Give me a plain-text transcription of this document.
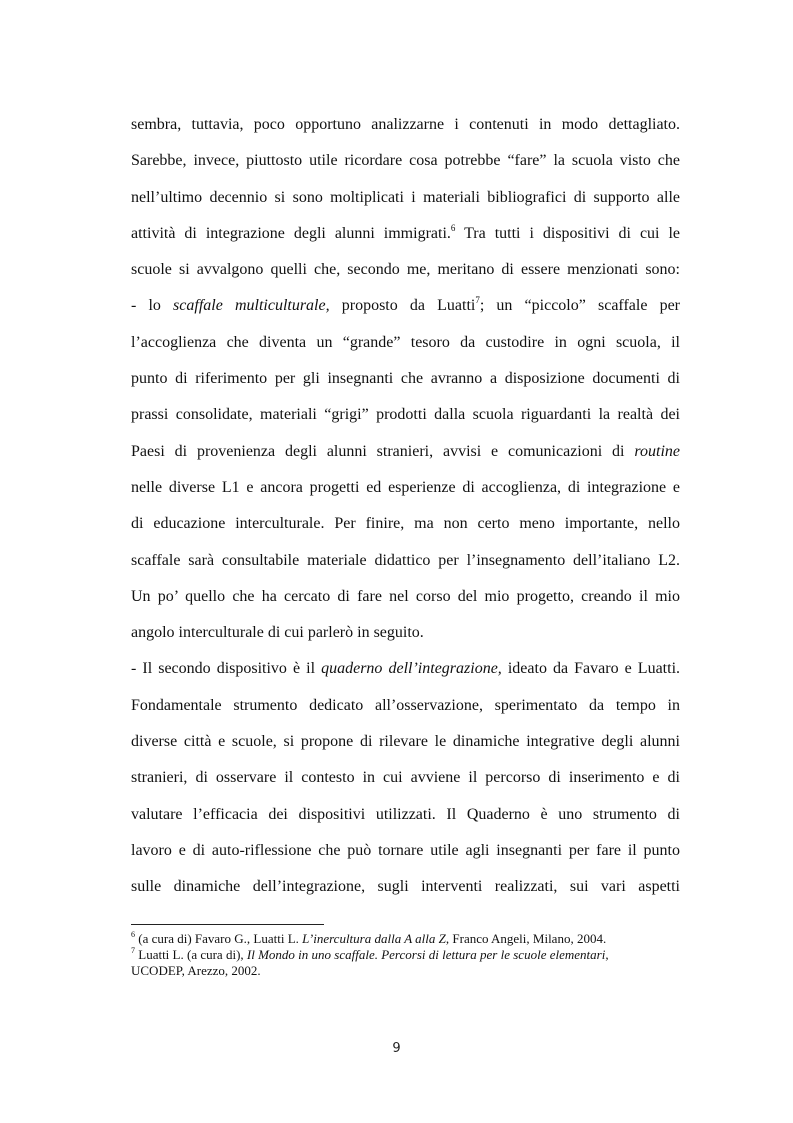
sembra, tuttavia, poco opportuno analizzarne i contenuti in modo dettagliato.
Sarebbe, invece, piuttosto utile ricordare cosa potrebbe “fare” la scuola visto che
nell’ultimo decennio si sono moltiplicati i materiali bibliografici di supporto alle
attività di integrazione degli alunni immigrati.$^6$ Tra tutti i dispositivi di cui le
scuole si avvalgono quelli che, secondo me, meritano di essere menzionati sono:
- lo scaffale multiculturale, proposto da Luatti$^7$; un “piccolo” scaffale per
l’accoglienza che diventa un “grande” tesoro da custodire in ogni scuola, il
punto di riferimento per gli insegnanti che avranno a disposizione documenti di
prassi consolidate, materiali “grigi” prodotti dalla scuola riguardanti la realtà dei
Paesi di provenienza degli alunni stranieri, avvisi e comunicazioni di routine
nelle diverse L1 e ancora progetti ed esperienze di accoglienza, di integrazione e
di educazione interculturale. Per finire, ma non certo meno importante, nello
scaffale sarà consultabile materiale didattico per l’insegnamento dell’italiano L2.
Un po’ quello che ha cercato di fare nel corso del mio progetto, creando il mio
angolo interculturale di cui parlerò in seguito.
- Il secondo dispositivo è il quaderno dell’integrazione, ideato da Favaro e Luatti.
Fondamentale strumento dedicato all’osservazione, sperimentato da tempo in
diverse città e scuole, si propone di rilevare le dinamiche integrative degli alunni
stranieri, di osservare il contesto in cui avviene il percorso di inserimento e di
valutare l’efficacia dei dispositivi utilizzati. Il Quaderno è uno strumento di
lavoro e di auto-riflessione che può tornare utile agli insegnanti per fare il punto
sulle dinamiche dell’integrazione, sugli interventi realizzati, sui vari aspetti
$^6$ (a cura di) Favaro G., Luatti L. L’inercultura dalla A alla Z, Franco Angeli, Milano, 2004.
$^7$ Luatti L. (a cura di), Il Mondo in uno scaffale. Percorsi di lettura per le scuole elementari,
UCODEP, Arezzo, 2002.
9
